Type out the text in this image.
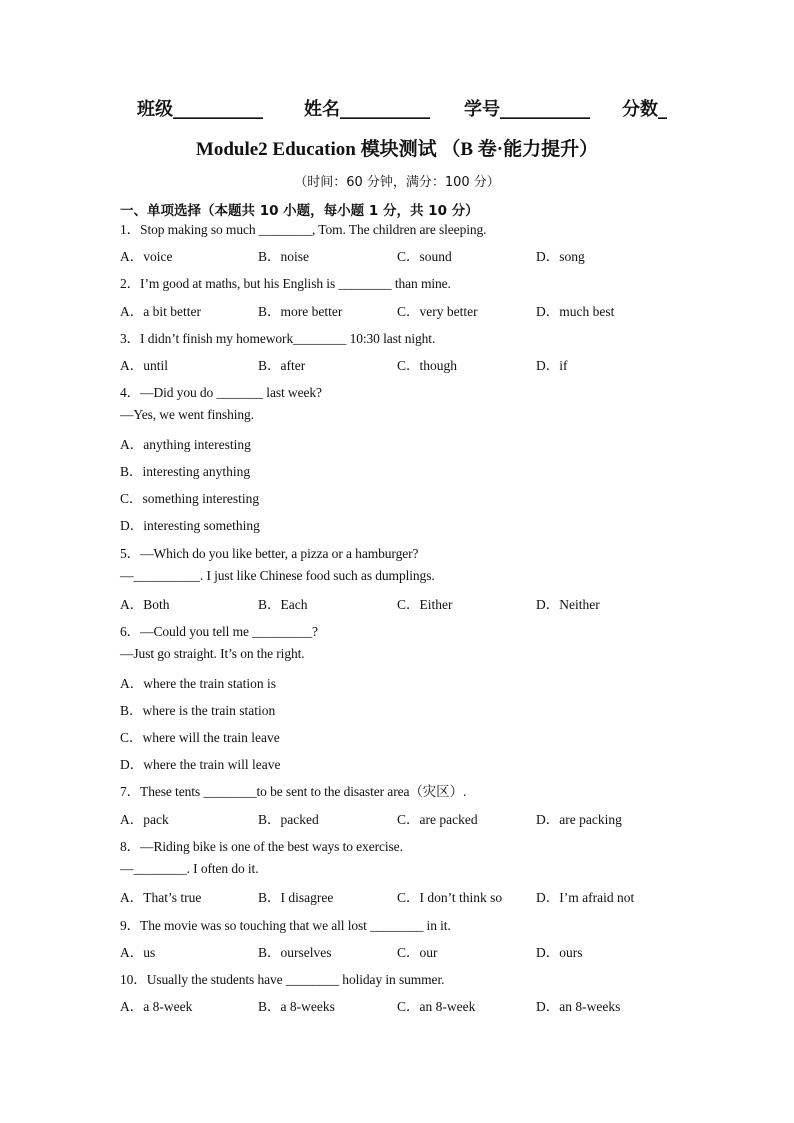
班级__________ 姓名__________ 学号__________ 分数_
Module2 Education 模块测试 （B 卷·能力提升）
（时间：60 分钟，满分：100 分）
一、单项选择（本题共 10 小题，每小题 1 分，共 10 分）
1．Stop making so much ________, Tom. The children are sleeping.
A．voice	B．noise	C．sound	D．song
2．I’m good at maths, but his English is ________ than mine.
A．a bit better	B．more better	C．very better	D．much best
3．I didn’t finish my homework________ 10:30 last night.
A．until	B．after	C．though	D．if
4．—Did you do _______ last week?
—Yes, we went finshing.
A．anything interesting
B．interesting anything
C．something interesting
D．interesting something
5．—Which do you like better, a pizza or a hamburger?
—__________. I just like Chinese food such as dumplings.
A．Both	B．Each	C．Either	D．Neither
6．—Could you tell me _________?
—Just go straight. It’s on the right.
A．where the train station is
B．where is the train station
C．where will the train leave
D．where the train will leave
7．These tents ________to be sent to the disaster area（灾区）.
A．pack	B．packed	C．are packed	D．are packing
8．—Riding bike is one of the best ways to exercise.
—________. I often do it.
A．That’s true	B．I disagree	C．I don’t think so	D．I’m afraid not
9．The movie was so touching that we all lost ________ in it.
A．us	B．ourselves	C．our	D．ours
10．Usually the students have ________ holiday in summer.
A．a 8-week	B．a 8-weeks	C．an 8-week	D．an 8-weeks
